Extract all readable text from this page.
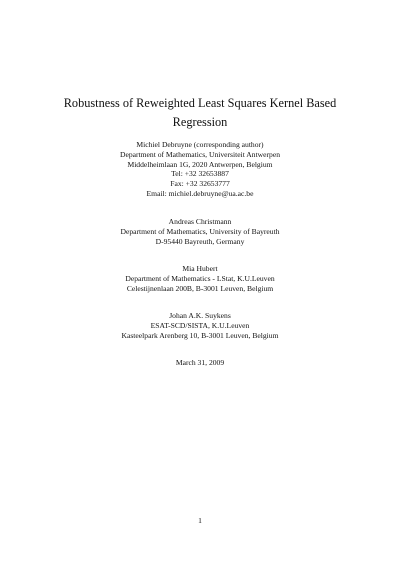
Robustness of Reweighted Least Squares Kernel Based
Regression
Michiel Debruyne (corresponding author)
Department of Mathematics, Universiteit Antwerpen
Middelheimlaan 1G, 2020 Antwerpen, Belgium
Tel: +32 32653887
Fax: +32 32653777
Email: michiel.debruyne@ua.ac.be
Andreas Christmann
Department of Mathematics, University of Bayreuth
D-95440 Bayreuth, Germany
Mia Hubert
Department of Mathematics - LStat, K.U.Leuven
Celestijnenlaan 200B, B-3001 Leuven, Belgium
Johan A.K. Suykens
ESAT-SCD/SISTA, K.U.Leuven
Kasteelpark Arenberg 10, B-3001 Leuven, Belgium
March 31, 2009
1
